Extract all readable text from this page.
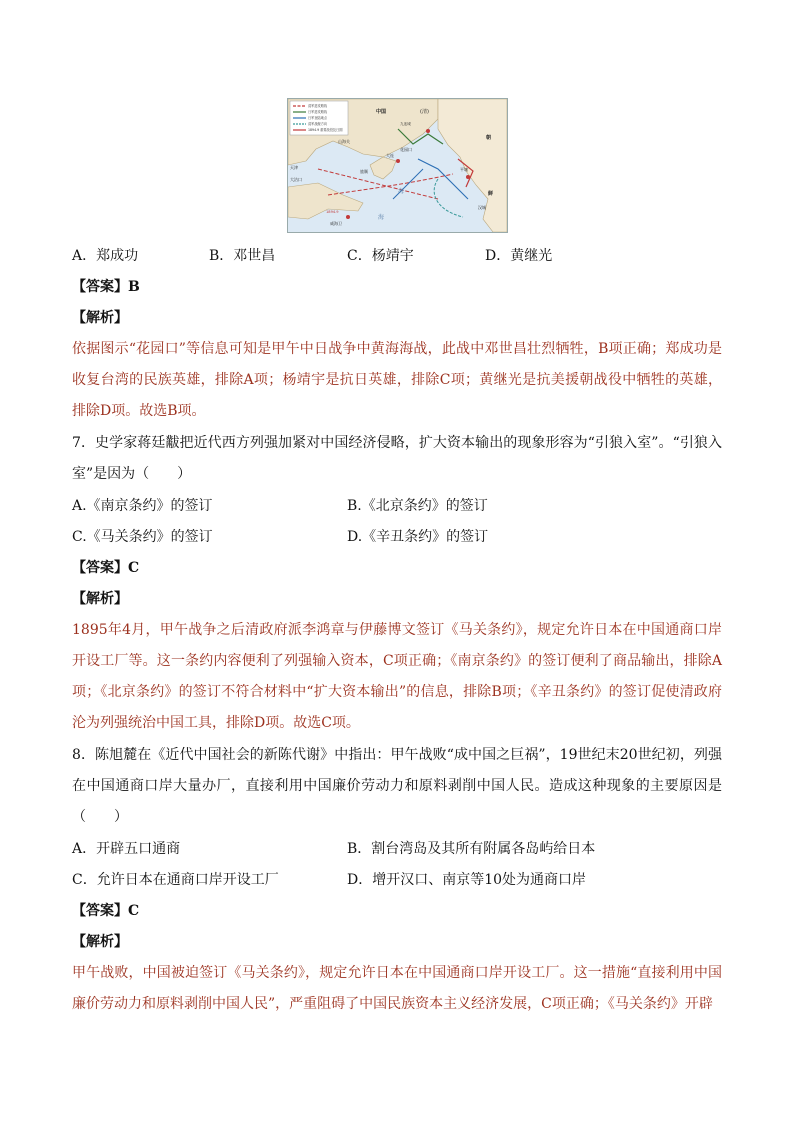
清军进攻路线
日军进攻路线
日军登陆地点
清军战舰方向
1894.9 重要战役及日期
中国	(清)
九连城
朝
鲜
山海关
天津
大沽口
花园口
大连
旅顺
威海卫
1894.9
平壤
汉城
海
海
A．郑成功	B．邓世昌	C．杨靖宇	D．黄继光
【答案】B
【解析】
依据图示“花园口”等信息可知是甲午中日战争中黄海海战，此战中邓世昌壮烈牺牲，B项正确；郑成功是收复台湾的民族英雄，排除A项；杨靖宇是抗日英雄，排除C项；黄继光是抗美援朝战役中牺牲的英雄，排除D项。故选B项。
7．史学家蒋廷黻把近代西方列强加紧对中国经济侵略，扩大资本输出的现象形容为“引狼入室”。“引狼入室”是因为（　　）
A.《南京条约》的签订	B.《北京条约》的签订
C.《马关条约》的签订	D.《辛丑条约》的签订
【答案】C
【解析】
1895年4月，甲午战争之后清政府派李鸿章与伊藤博文签订《马关条约》，规定允许日本在中国通商口岸开设工厂等。这一条约内容便利了列强输入资本，C项正确；《南京条约》的签订便利了商品输出，排除A项；《北京条约》的签订不符合材料中“扩大资本输出”的信息，排除B项；《辛丑条约》的签订促使清政府沦为列强统治中国工具，排除D项。故选C项。
8．陈旭麓在《近代中国社会的新陈代谢》中指出：甲午战败“成中国之巨祸”，19世纪末20世纪初，列强在中国通商口岸大量办厂，直接利用中国廉价劳动力和原料剥削中国人民。造成这种现象的主要原因是（　　）
A．开辟五口通商	B．割台湾岛及其所有附属各岛屿给日本
C．允许日本在通商口岸开设工厂	D．增开汉口、南京等10处为通商口岸
【答案】C
【解析】
甲午战败，中国被迫签订《马关条约》，规定允许日本在中国通商口岸开设工厂。这一措施“直接利用中国廉价劳动力和原料剥削中国人民”，严重阻碍了中国民族资本主义经济发展，C项正确；《马关条约》开辟
